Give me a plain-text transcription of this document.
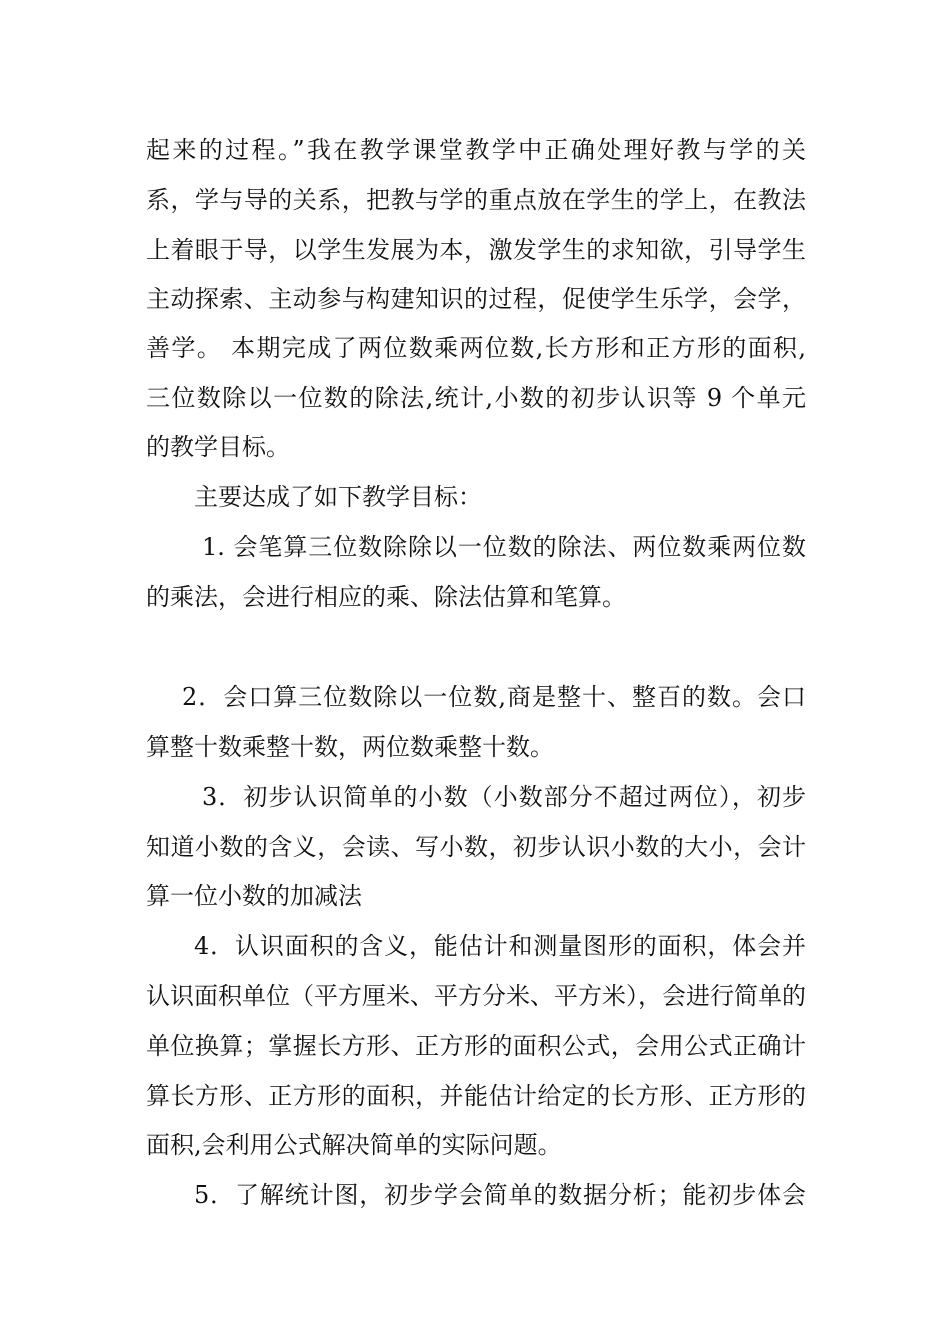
起来的过程。”我在教学课堂教学中正确处理好教与学的关
系，学与导的关系，把教与学的重点放在学生的学上，在教法
上着眼于导，以学生发展为本，激发学生的求知欲，引导学生
主动探索、主动参与构建知识的过程，促使学生乐学，会学，
善学。 本期完成了两位数乘两位数,长方形和正方形的面积,
三位数除以一位数的除法,统计,小数的初步认识等 9 个单元
的教学目标。
主要达成了如下教学目标：
1. 会笔算三位数除除以一位数的除法、两位数乘两位数
的乘法，会进行相应的乘、除法估算和笔算。
2．会口算三位数除以一位数,商是整十、整百的数。会口
算整十数乘整十数，两位数乘整十数。
3．初步认识简单的小数（小数部分不超过两位），初步
知道小数的含义，会读、写小数，初步认识小数的大小，会计
算一位小数的加减法
4．认识面积的含义，能估计和测量图形的面积，体会并
认识面积单位（平方厘米、平方分米、平方米），会进行简单的
单位换算；掌握长方形、正方形的面积公式，会用公式正确计
算长方形、正方形的面积，并能估计给定的长方形、正方形的
面积,会利用公式解决简单的实际问题。
5．了解统计图，初步学会简单的数据分析；能初步体会
